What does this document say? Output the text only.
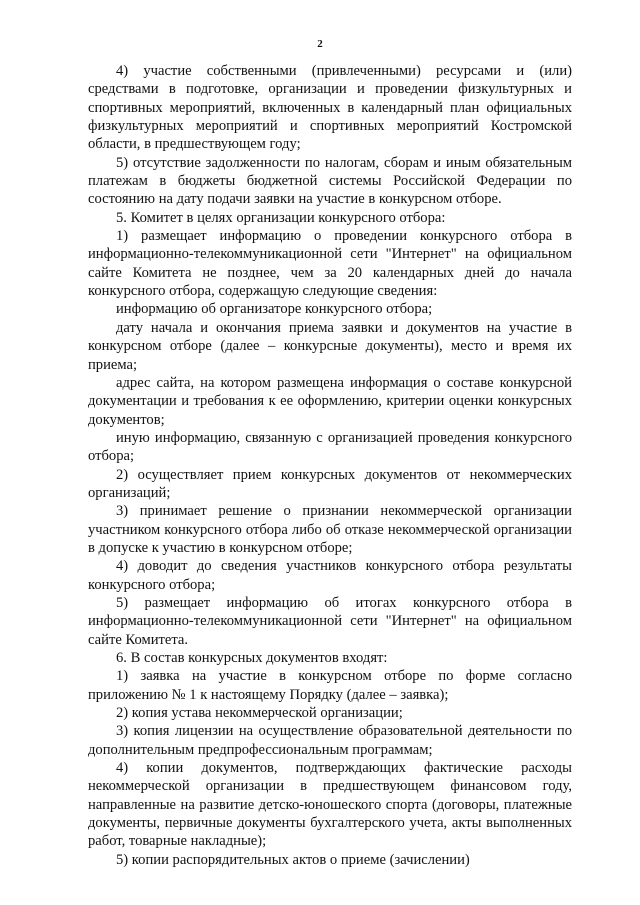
2

4) участие собственными (привлеченными) ресурсами и (или) средствами в подготовке, организации и проведении физкультурных и спортивных мероприятий, включенных в календарный план официальных физкультурных мероприятий и спортивных мероприятий Костромской области, в предшествующем году;

5) отсутствие задолженности по налогам, сборам и иным обязательным платежам в бюджеты бюджетной системы Российской Федерации по состоянию на дату подачи заявки на участие в конкурсном отборе.

5. Комитет в целях организации конкурсного отбора:

1) размещает информацию о проведении конкурсного отбора в информационно-телекоммуникационной сети "Интернет" на официальном сайте Комитета не позднее, чем за 20 календарных дней до начала конкурсного отбора, содержащую следующие сведения:

информацию об организаторе конкурсного отбора;

дату начала и окончания приема заявки и документов на участие в конкурсном отборе (далее – конкурсные документы), место и время их приема;

адрес сайта, на котором размещена информация о составе конкурсной документации и требования к ее оформлению, критерии оценки конкурсных документов;

иную информацию, связанную с организацией проведения конкурсного отбора;

2) осуществляет прием конкурсных документов от некоммерческих организаций;

3) принимает решение о признании некоммерческой организации участником конкурсного отбора либо об отказе некоммерческой организации в допуске к участию в конкурсном отборе;

4) доводит до сведения участников конкурсного отбора результаты конкурсного отбора;

5) размещает информацию об итогах конкурсного отбора в информационно-телекоммуникационной сети "Интернет" на официальном сайте Комитета.

6. В состав конкурсных документов входят:

1) заявка на участие в конкурсном отборе по форме согласно приложению № 1 к настоящему Порядку (далее – заявка);

2) копия устава некоммерческой организации;

3) копия лицензии на осуществление образовательной деятельности по дополнительным предпрофессиональным программам;

4) копии документов, подтверждающих фактические расходы некоммерческой организации в предшествующем финансовом году, направленные на развитие детско-юношеского спорта (договоры, платежные документы, первичные документы бухгалтерского учета, акты выполненных работ, товарные накладные);

5) копии распорядительных актов о приеме (зачислении)
